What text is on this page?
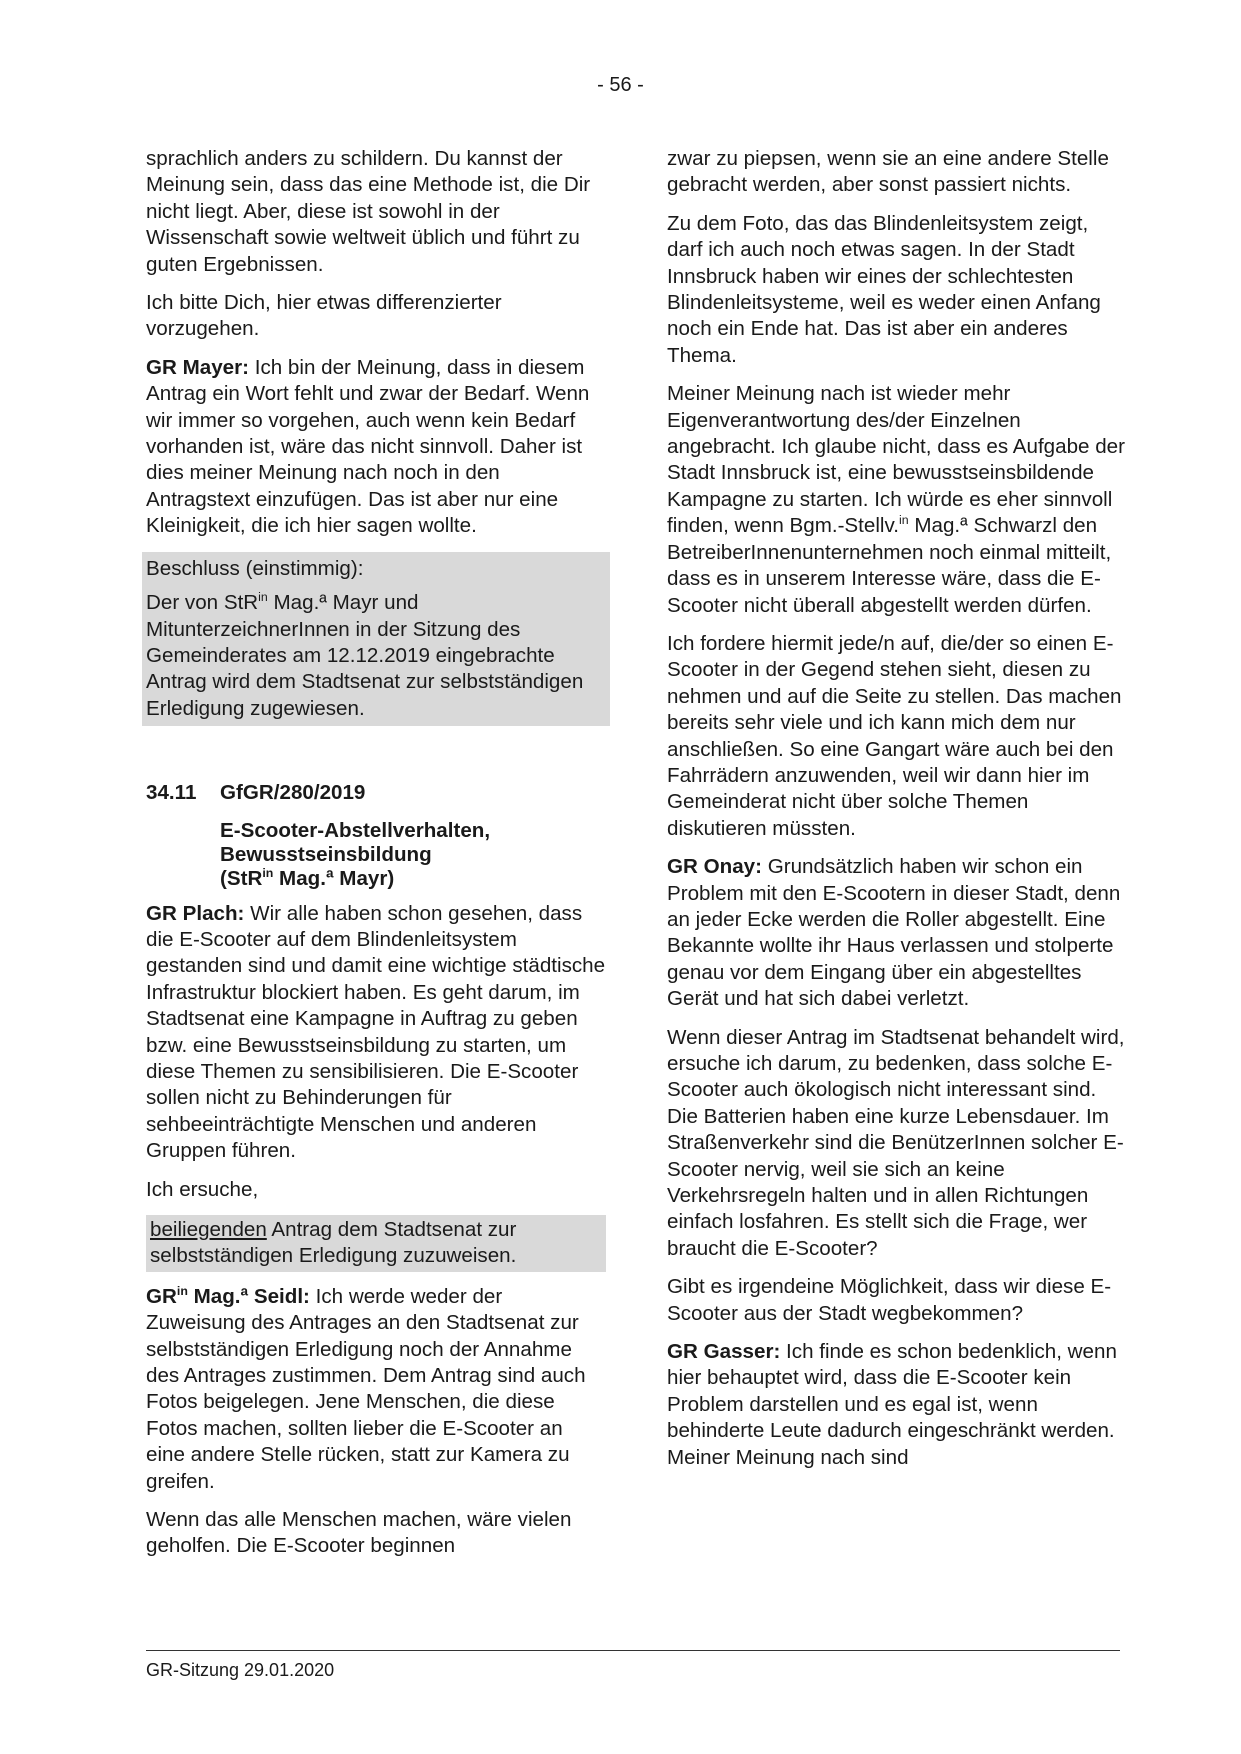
- 56 -

sprachlich anders zu schildern. Du kannst der Meinung sein, dass das eine Methode ist, die Dir nicht liegt. Aber, diese ist sowohl in der Wissenschaft sowie weltweit üblich und führt zu guten Ergebnissen.

Ich bitte Dich, hier etwas differenzierter vorzugehen.

GR Mayer: Ich bin der Meinung, dass in diesem Antrag ein Wort fehlt und zwar der Bedarf. Wenn wir immer so vorgehen, auch wenn kein Bedarf vorhanden ist, wäre das nicht sinnvoll. Daher ist dies meiner Meinung nach noch in den Antragstext einzufügen. Das ist aber nur eine Kleinigkeit, die ich hier sagen wollte.

Beschluss (einstimmig):

Der von StR$^{in}$ Mag.ª Mayr und MitunterzeichnerInnen in der Sitzung des Gemeinderates am 12.12.2019 eingebrachte Antrag wird dem Stadtsenat zur selbstständigen Erledigung zugewiesen.

34.11	GfGR/280/2019
E-Scooter-Abstellverhalten, Bewusstseinsbildung
(StR$^{in}$ Mag.ª Mayr)

GR Plach: Wir alle haben schon gesehen, dass die E-Scooter auf dem Blindenleitsystem gestanden sind und damit eine wichtige städtische Infrastruktur blockiert haben. Es geht darum, im Stadtsenat eine Kampagne in Auftrag zu geben bzw. eine Bewusstseinsbildung zu starten, um diese Themen zu sensibilisieren. Die E-Scooter sollen nicht zu Behinderungen für sehbeeinträchtigte Menschen und anderen Gruppen führen.

Ich ersuche,

beiliegenden Antrag dem Stadtsenat zur selbstständigen Erledigung zuzuweisen.

$GR^{in}$ Mag.ª Seidl: Ich werde weder der Zuweisung des Antrages an den Stadtsenat zur selbstständigen Erledigung noch der Annahme des Antrages zustimmen. Dem Antrag sind auch Fotos beigelegen. Jene Menschen, die diese Fotos machen, sollten lieber die E-Scooter an eine andere Stelle rücken, statt zur Kamera zu greifen.

Wenn das alle Menschen machen, wäre vielen geholfen. Die E-Scooter beginnen

zwar zu piepsen, wenn sie an eine andere Stelle gebracht werden, aber sonst passiert nichts.

Zu dem Foto, das das Blindenleitsystem zeigt, darf ich auch noch etwas sagen. In der Stadt Innsbruck haben wir eines der schlechtesten Blindenleitsysteme, weil es weder einen Anfang noch ein Ende hat. Das ist aber ein anderes Thema.

Meiner Meinung nach ist wieder mehr Eigenverantwortung des/der Einzelnen angebracht. Ich glaube nicht, dass es Aufgabe der Stadt Innsbruck ist, eine bewusstseinsbildende Kampagne zu starten. Ich würde es eher sinnvoll finden, wenn Bgm.-Stellv.$^{in}$ Mag.ª Schwarzl den BetreiberInnenunternehmen noch einmal mitteilt, dass es in unserem Interesse wäre, dass die E-Scooter nicht überall abgestellt werden dürfen.

Ich fordere hiermit jede/n auf, die/der so einen E-Scooter in der Gegend stehen sieht, diesen zu nehmen und auf die Seite zu stellen. Das machen bereits sehr viele und ich kann mich dem nur anschließen. So eine Gangart wäre auch bei den Fahrrädern anzuwenden, weil wir dann hier im Gemeinderat nicht über solche Themen diskutieren müssten.

GR Onay: Grundsätzlich haben wir schon ein Problem mit den E-Scootern in dieser Stadt, denn an jeder Ecke werden die Roller abgestellt. Eine Bekannte wollte ihr Haus verlassen und stolperte genau vor dem Eingang über ein abgestelltes Gerät und hat sich dabei verletzt.

Wenn dieser Antrag im Stadtsenat behandelt wird, ersuche ich darum, zu bedenken, dass solche E-Scooter auch ökologisch nicht interessant sind. Die Batterien haben eine kurze Lebensdauer. Im Straßenverkehr sind die BenützerInnen solcher E-Scooter nervig, weil sie sich an keine Verkehrsregeln halten und in allen Richtungen einfach losfahren. Es stellt sich die Frage, wer braucht die E-Scooter?

Gibt es irgendeine Möglichkeit, dass wir diese E-Scooter aus der Stadt wegbekommen?

GR Gasser: Ich finde es schon bedenklich, wenn hier behauptet wird, dass die E-Scooter kein Problem darstellen und es egal ist, wenn behinderte Leute dadurch eingeschränkt werden. Meiner Meinung nach sind

GR-Sitzung 29.01.2020
